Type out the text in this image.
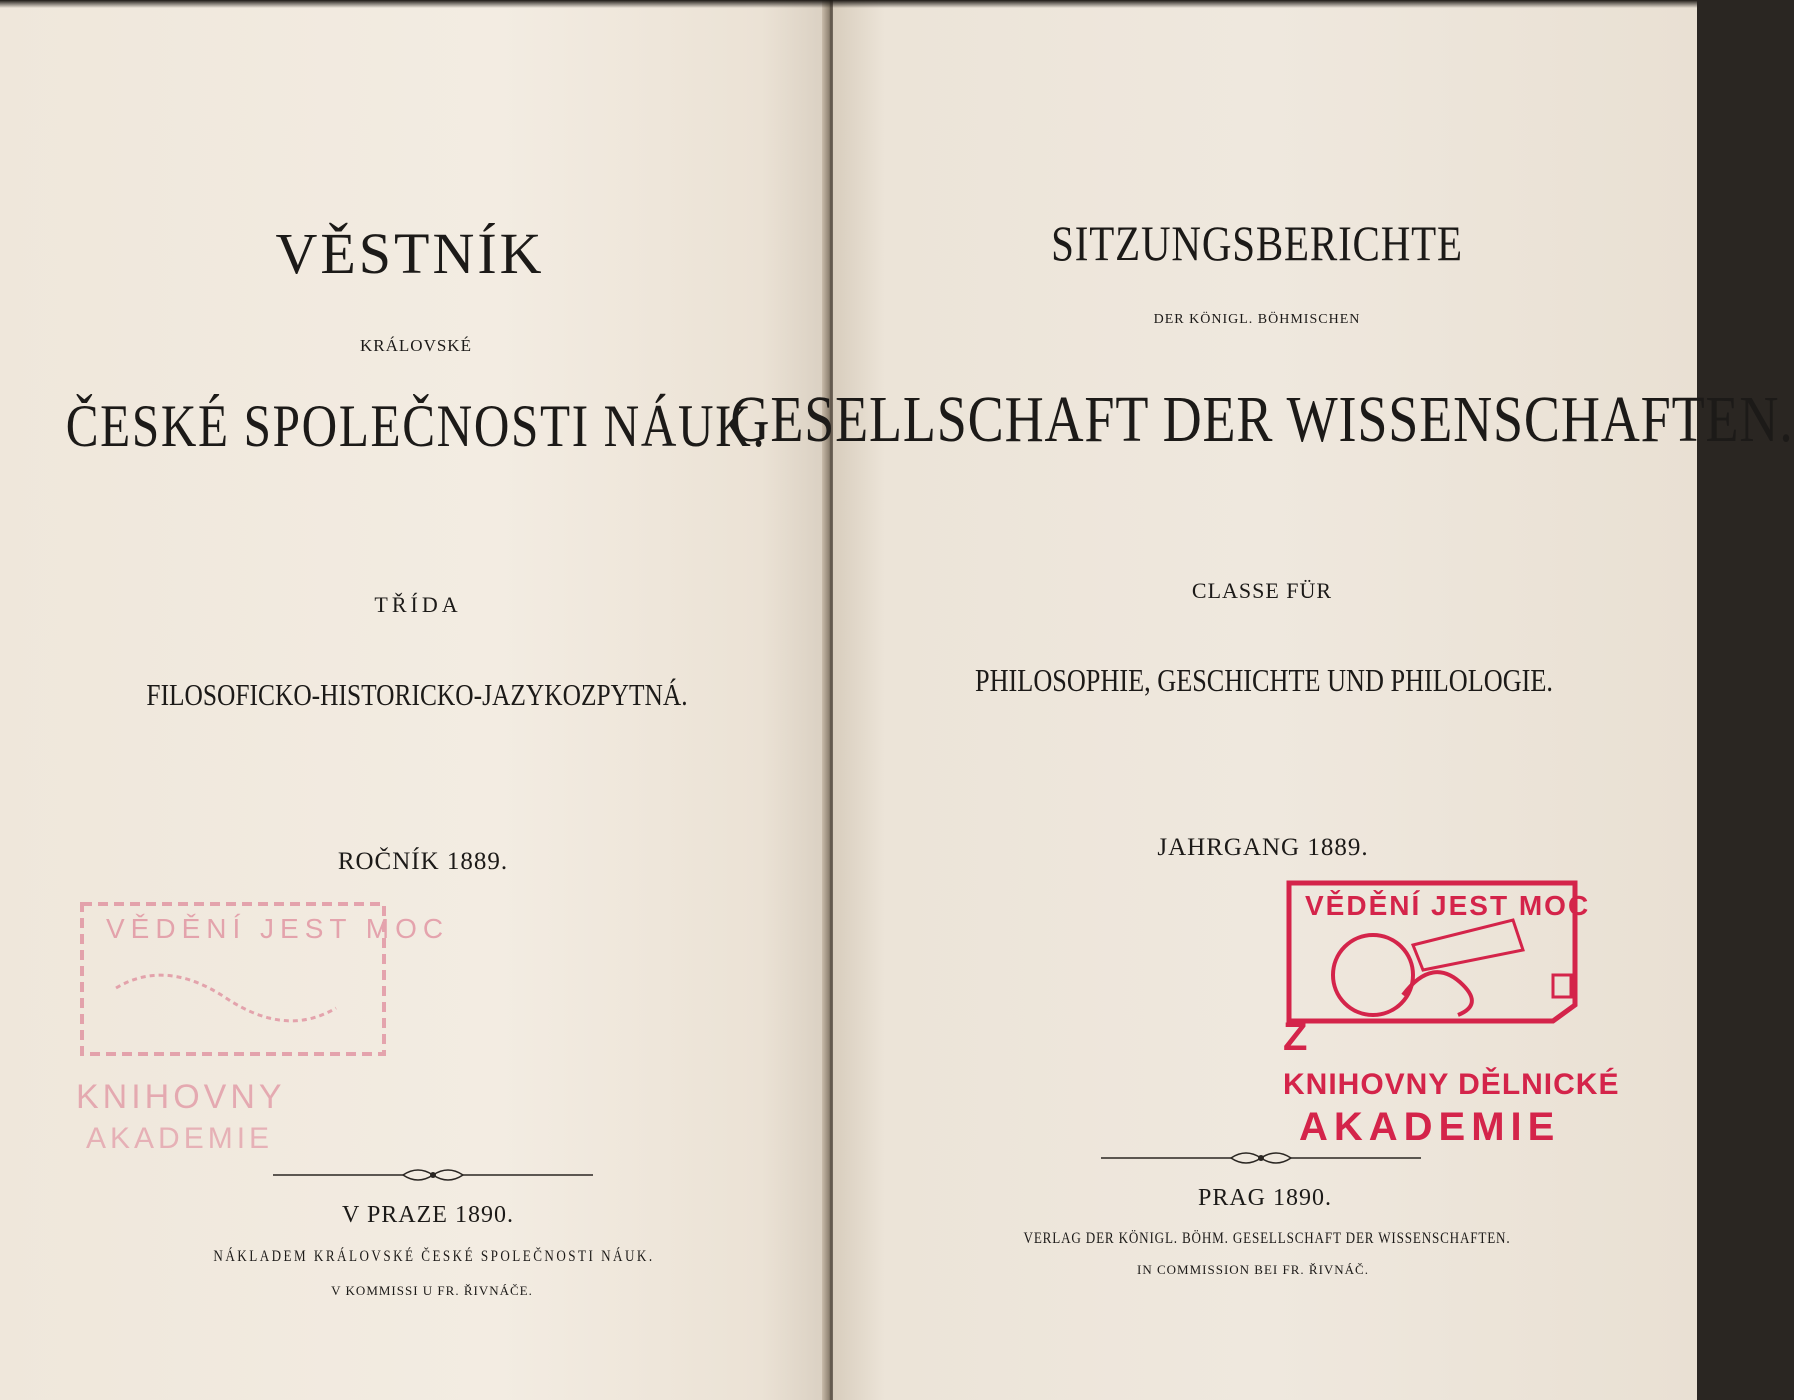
VĚSTNÍK
KRÁLOVSKÉ
ČESKÉ SPOLEČNOSTI NÁUK.
TŘÍDA
FILOSOFICKO-HISTORICKO-JAZYKOZPYTNÁ.
ROČNÍK 1889.
VĚDĚNÍ JEST MOC
KNIHOVNY
AKADEMIE
V PRAZE 1890.
NÁKLADEM KRÁLOVSKÉ ČESKÉ SPOLEČNOSTI NÁUK.
V KOMMISSI U FR. ŘIVNÁČE.
SITZUNGSBERICHTE
DER KÖNIGL. BÖHMISCHEN
GESELLSCHAFT DER WISSENSCHAFTEN.
CLASSE FÜR
PHILOSOPHIE, GESCHICHTE UND PHILOLOGIE.
JAHRGANG 1889.
VĚDĚNÍ JEST MOC
Z
KNIHOVNY DĚLNICKÉ
AKADEMIE
PRAG 1890.
VERLAG DER KÖNIGL. BÖHM. GESELLSCHAFT DER WISSENSCHAFTEN.
IN COMMISSION BEI FR. ŘIVNÁČ.
